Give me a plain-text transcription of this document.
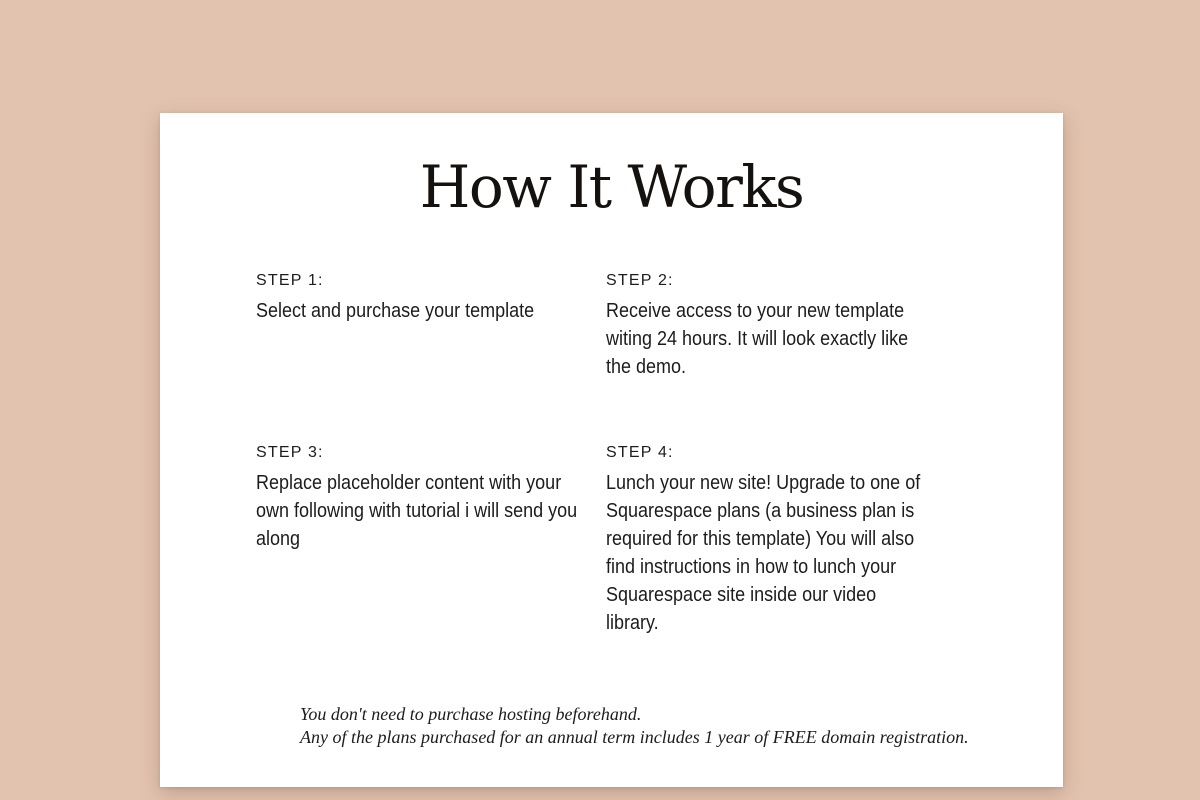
How It Works

STEP 1:

Select and purchase your template

STEP 2:

Receive access to your new template witing 24 hours. It will look exactly like the demo.

STEP 3:

Replace placeholder content with your own following with tutorial i will send you along

STEP 4:

Lunch your new site! Upgrade to one of Squarespace plans (a business plan is required for this template) You will also find instructions in how to lunch your Squarespace site inside our video library.

You don't need to purchase hosting beforehand.

Any of the plans purchased for an annual term includes 1 year of FREE domain registration.
